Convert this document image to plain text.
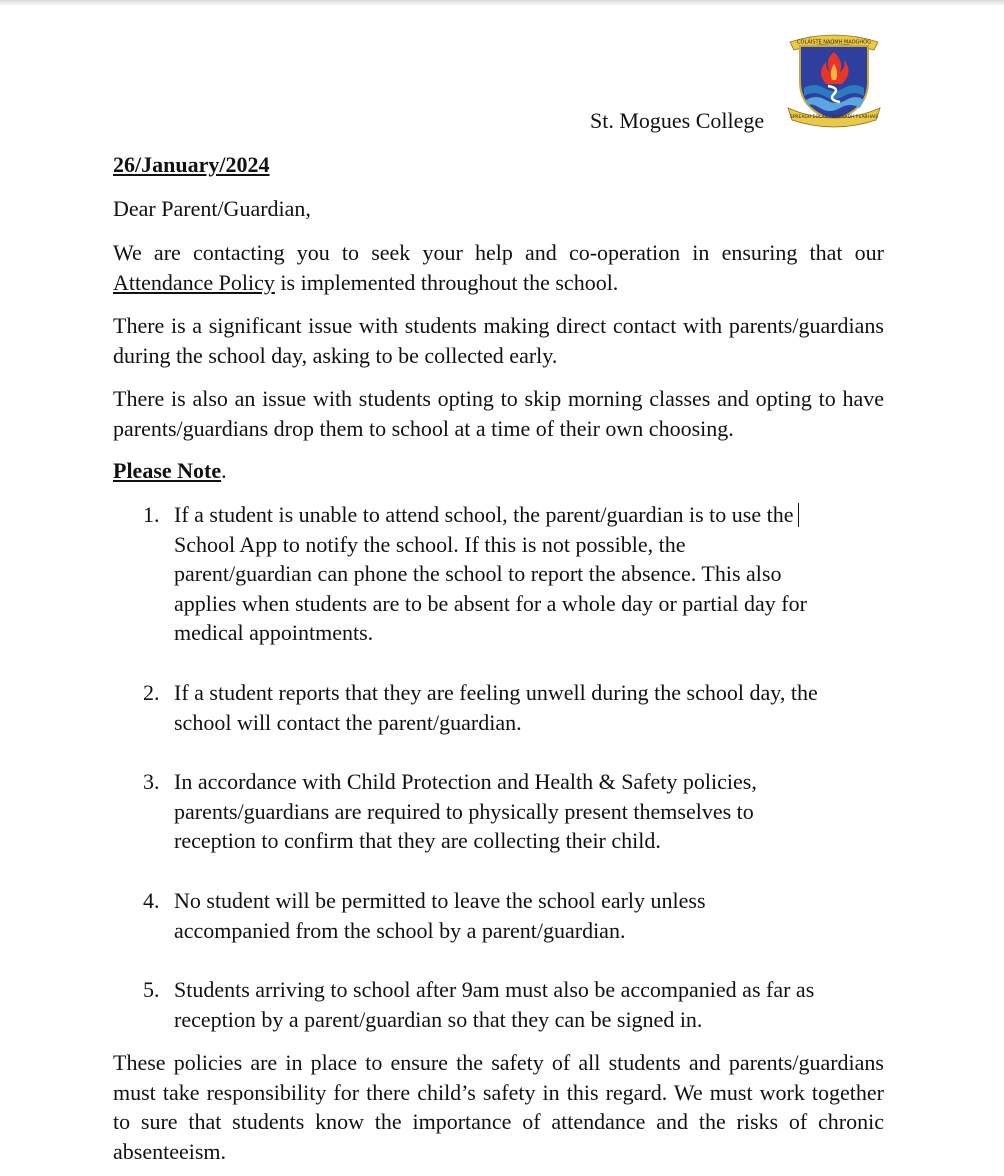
COLÁISTE NAOMH MAOGHÓG
SPREAGH EOLAS · BORRADH FEABHAIS
St. Mogues College
26/January/2024
Dear Parent/Guardian,

We are contacting you to seek your help and co-operation in ensuring that our Attendance Policy is implemented throughout the school.

There is a significant issue with students making direct contact with parents/guardians during the school day, asking to be collected early.

There is also an issue with students opting to skip morning classes and opting to have parents/guardians drop them to school at a time of their own choosing.

Please Note.
1. If a student is unable to attend school, the parent/guardian is to use the
School App to notify the school. If this is not possible, the
parent/guardian can phone the school to report the absence. This also
applies when students are to be absent for a whole day or partial day for
medical appointments.
2. If a student reports that they are feeling unwell during the school day, the
school will contact the parent/guardian.
3. In accordance with Child Protection and Health & Safety policies,
parents/guardians are required to physically present themselves to
reception to confirm that they are collecting their child.
4. No student will be permitted to leave the school early unless
accompanied from the school by a parent/guardian.
5. Students arriving to school after 9am must also be accompanied as far as
reception by a parent/guardian so that they can be signed in.

These policies are in place to ensure the safety of all students and parents/guardians must take responsibility for there child’s safety in this regard. We must work together to sure that students know the importance of attendance and the risks of chronic absenteeism.
